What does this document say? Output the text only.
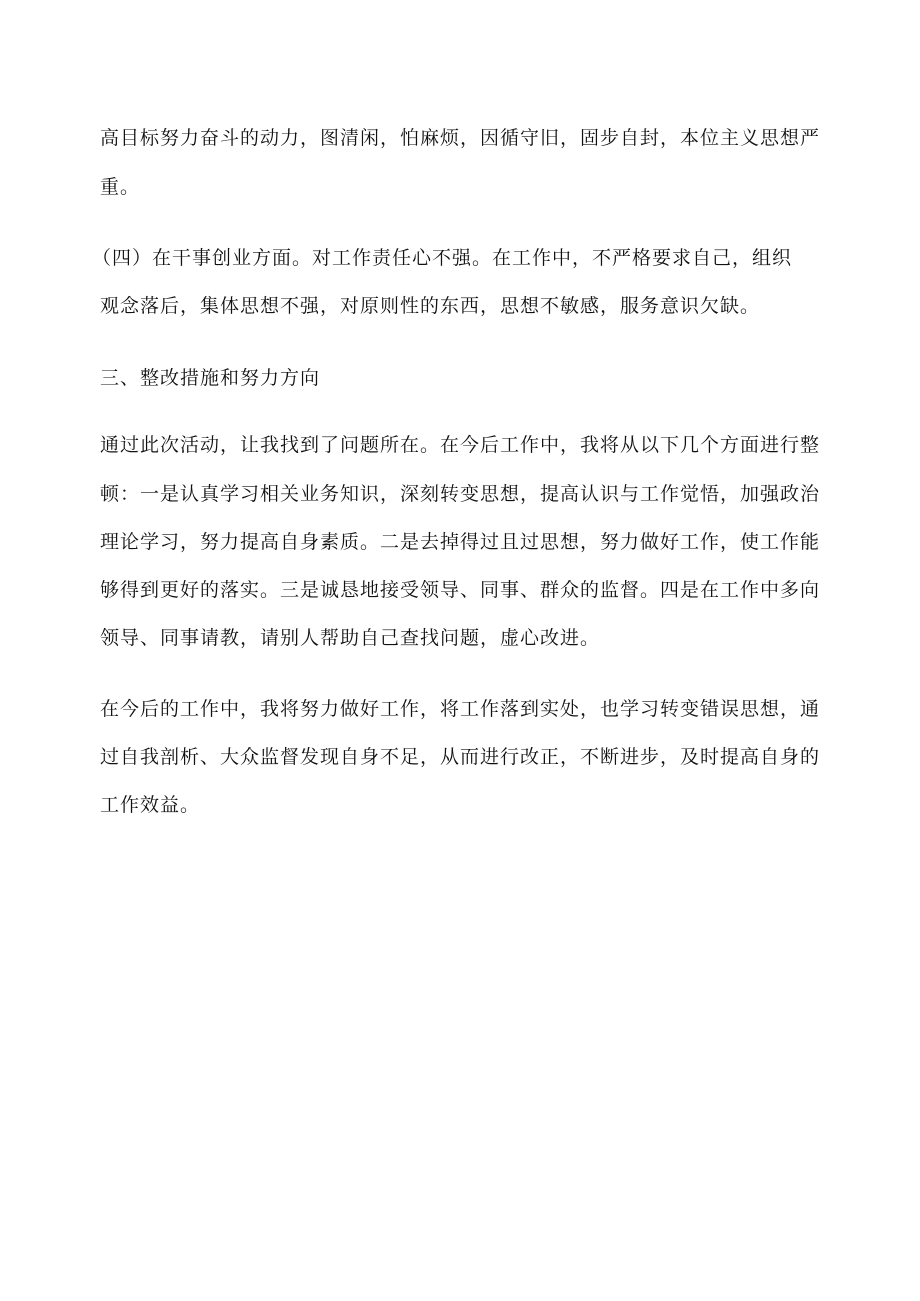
高目标努力奋斗的动力，图清闲，怕麻烦，因循守旧，固步自封，本位主义思想严
重。
（四）在干事创业方面。对工作责任心不强。在工作中，不严格要求自己，组织
观念落后，集体思想不强，对原则性的东西，思想不敏感，服务意识欠缺。
三、整改措施和努力方向
通过此次活动，让我找到了问题所在。在今后工作中，我将从以下几个方面进行整
顿：一是认真学习相关业务知识，深刻转变思想，提高认识与工作觉悟，加强政治
理论学习，努力提高自身素质。二是去掉得过且过思想，努力做好工作，使工作能
够得到更好的落实。三是诚恳地接受领导、同事、群众的监督。四是在工作中多向
领导、同事请教，请别人帮助自己查找问题，虚心改进。
在今后的工作中，我将努力做好工作，将工作落到实处，也学习转变错误思想，通
过自我剖析、大众监督发现自身不足，从而进行改正，不断进步，及时提高自身的
工作效益。
